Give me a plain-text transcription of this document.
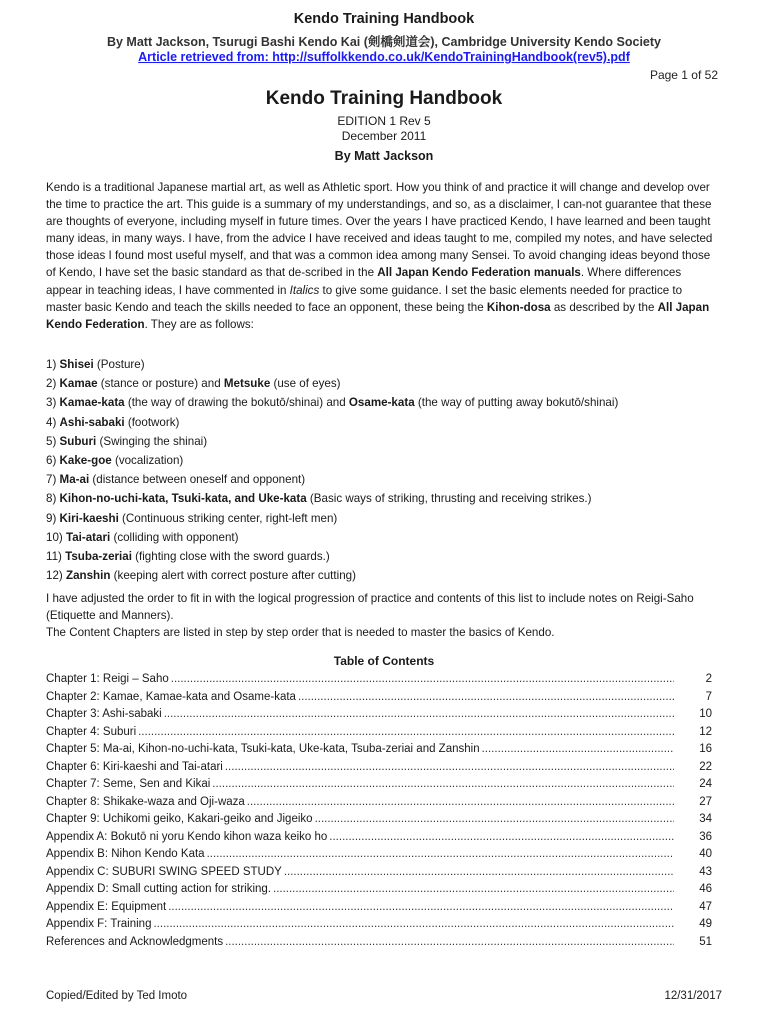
Kendo Training Handbook
By Matt Jackson, Tsurugi Bashi Kendo Kai (剣橋剣道会), Cambridge University Kendo Society
Article retrieved from: http://suffolkkendo.co.uk/KendoTrainingHandbook(rev5).pdf
Page 1 of 52
Kendo Training Handbook
EDITION 1 Rev 5
December 2011
By Matt Jackson
Kendo is a traditional Japanese martial art, as well as Athletic sport. How you think of and practice it will change and develop over the time to practice the art. This guide is a summary of my understandings, and so, as a disclaimer, I can-not guarantee that these are thoughts of everyone, including myself in future times. Over the years I have practiced Kendo, I have learned and been taught many ideas, in many ways. I have, from the advice I have received and ideas taught to me, compiled my notes, and have selected those ideas I found most useful myself, and that was a common idea among many Sensei. To avoid changing ideas beyond those of Kendo, I have set the basic standard as that de-scribed in the All Japan Kendo Federation manuals. Where differences appear in teaching ideas, I have commented in Italics to give some guidance. I set the basic elements needed for practice to master basic Kendo and teach the skills needed to face an opponent, these being the Kihon-dosa as described by the All Japan Kendo Federation. They are as follows:
1) Shisei (Posture)
2) Kamae (stance or posture) and Metsuke (use of eyes)
3) Kamae-kata (the way of drawing the bokutō/shinai) and Osame-kata (the way of putting away bokutō/shinai)
4) Ashi-sabaki (footwork)
5) Suburi (Swinging the shinai)
6) Kake-goe (vocalization)
7) Ma-ai (distance between oneself and opponent)
8) Kihon-no-uchi-kata, Tsuki-kata, and Uke-kata (Basic ways of striking, thrusting and receiving strikes.)
9) Kiri-kaeshi (Continuous striking center, right-left men)
10) Tai-atari (colliding with opponent)
11) Tsuba-zeriai (fighting close with the sword guards.)
12) Zanshin (keeping alert with correct posture after cutting)
I have adjusted the order to fit in with the logical progression of practice and contents of this list to include notes on Reigi-Saho (Etiquette and Manners).
The Content Chapters are listed in step by step order that is needed to master the basics of Kendo.
Table of Contents
Chapter 1: Reigi – Saho .....	2
Chapter 2: Kamae, Kamae-kata and Osame-kata .....	7
Chapter 3: Ashi-sabaki .....	10
Chapter 4: Suburi .....	12
Chapter 5: Ma-ai, Kihon-no-uchi-kata, Tsuki-kata, Uke-kata, Tsuba-zeriai and Zanshin .....	16
Chapter 6: Kiri-kaeshi and Tai-atari .....	22
Chapter 7: Seme, Sen and Kikai .....	24
Chapter 8: Shikake-waza and Oji-waza .....	27
Chapter 9: Uchikomi geiko, Kakari-geiko and Jigeiko .....	34
Appendix A: Bokutō ni yoru Kendo kihon waza keiko ho .....	36
Appendix B: Nihon Kendo Kata .....	40
Appendix C: SUBURI SWING SPEED STUDY .....	43
Appendix D: Small cutting action for striking. .....	46
Appendix E: Equipment .....	47
Appendix F: Training .....	49
References and Acknowledgments .....	51
Copied/Edited by Ted Imoto	12/31/2017
